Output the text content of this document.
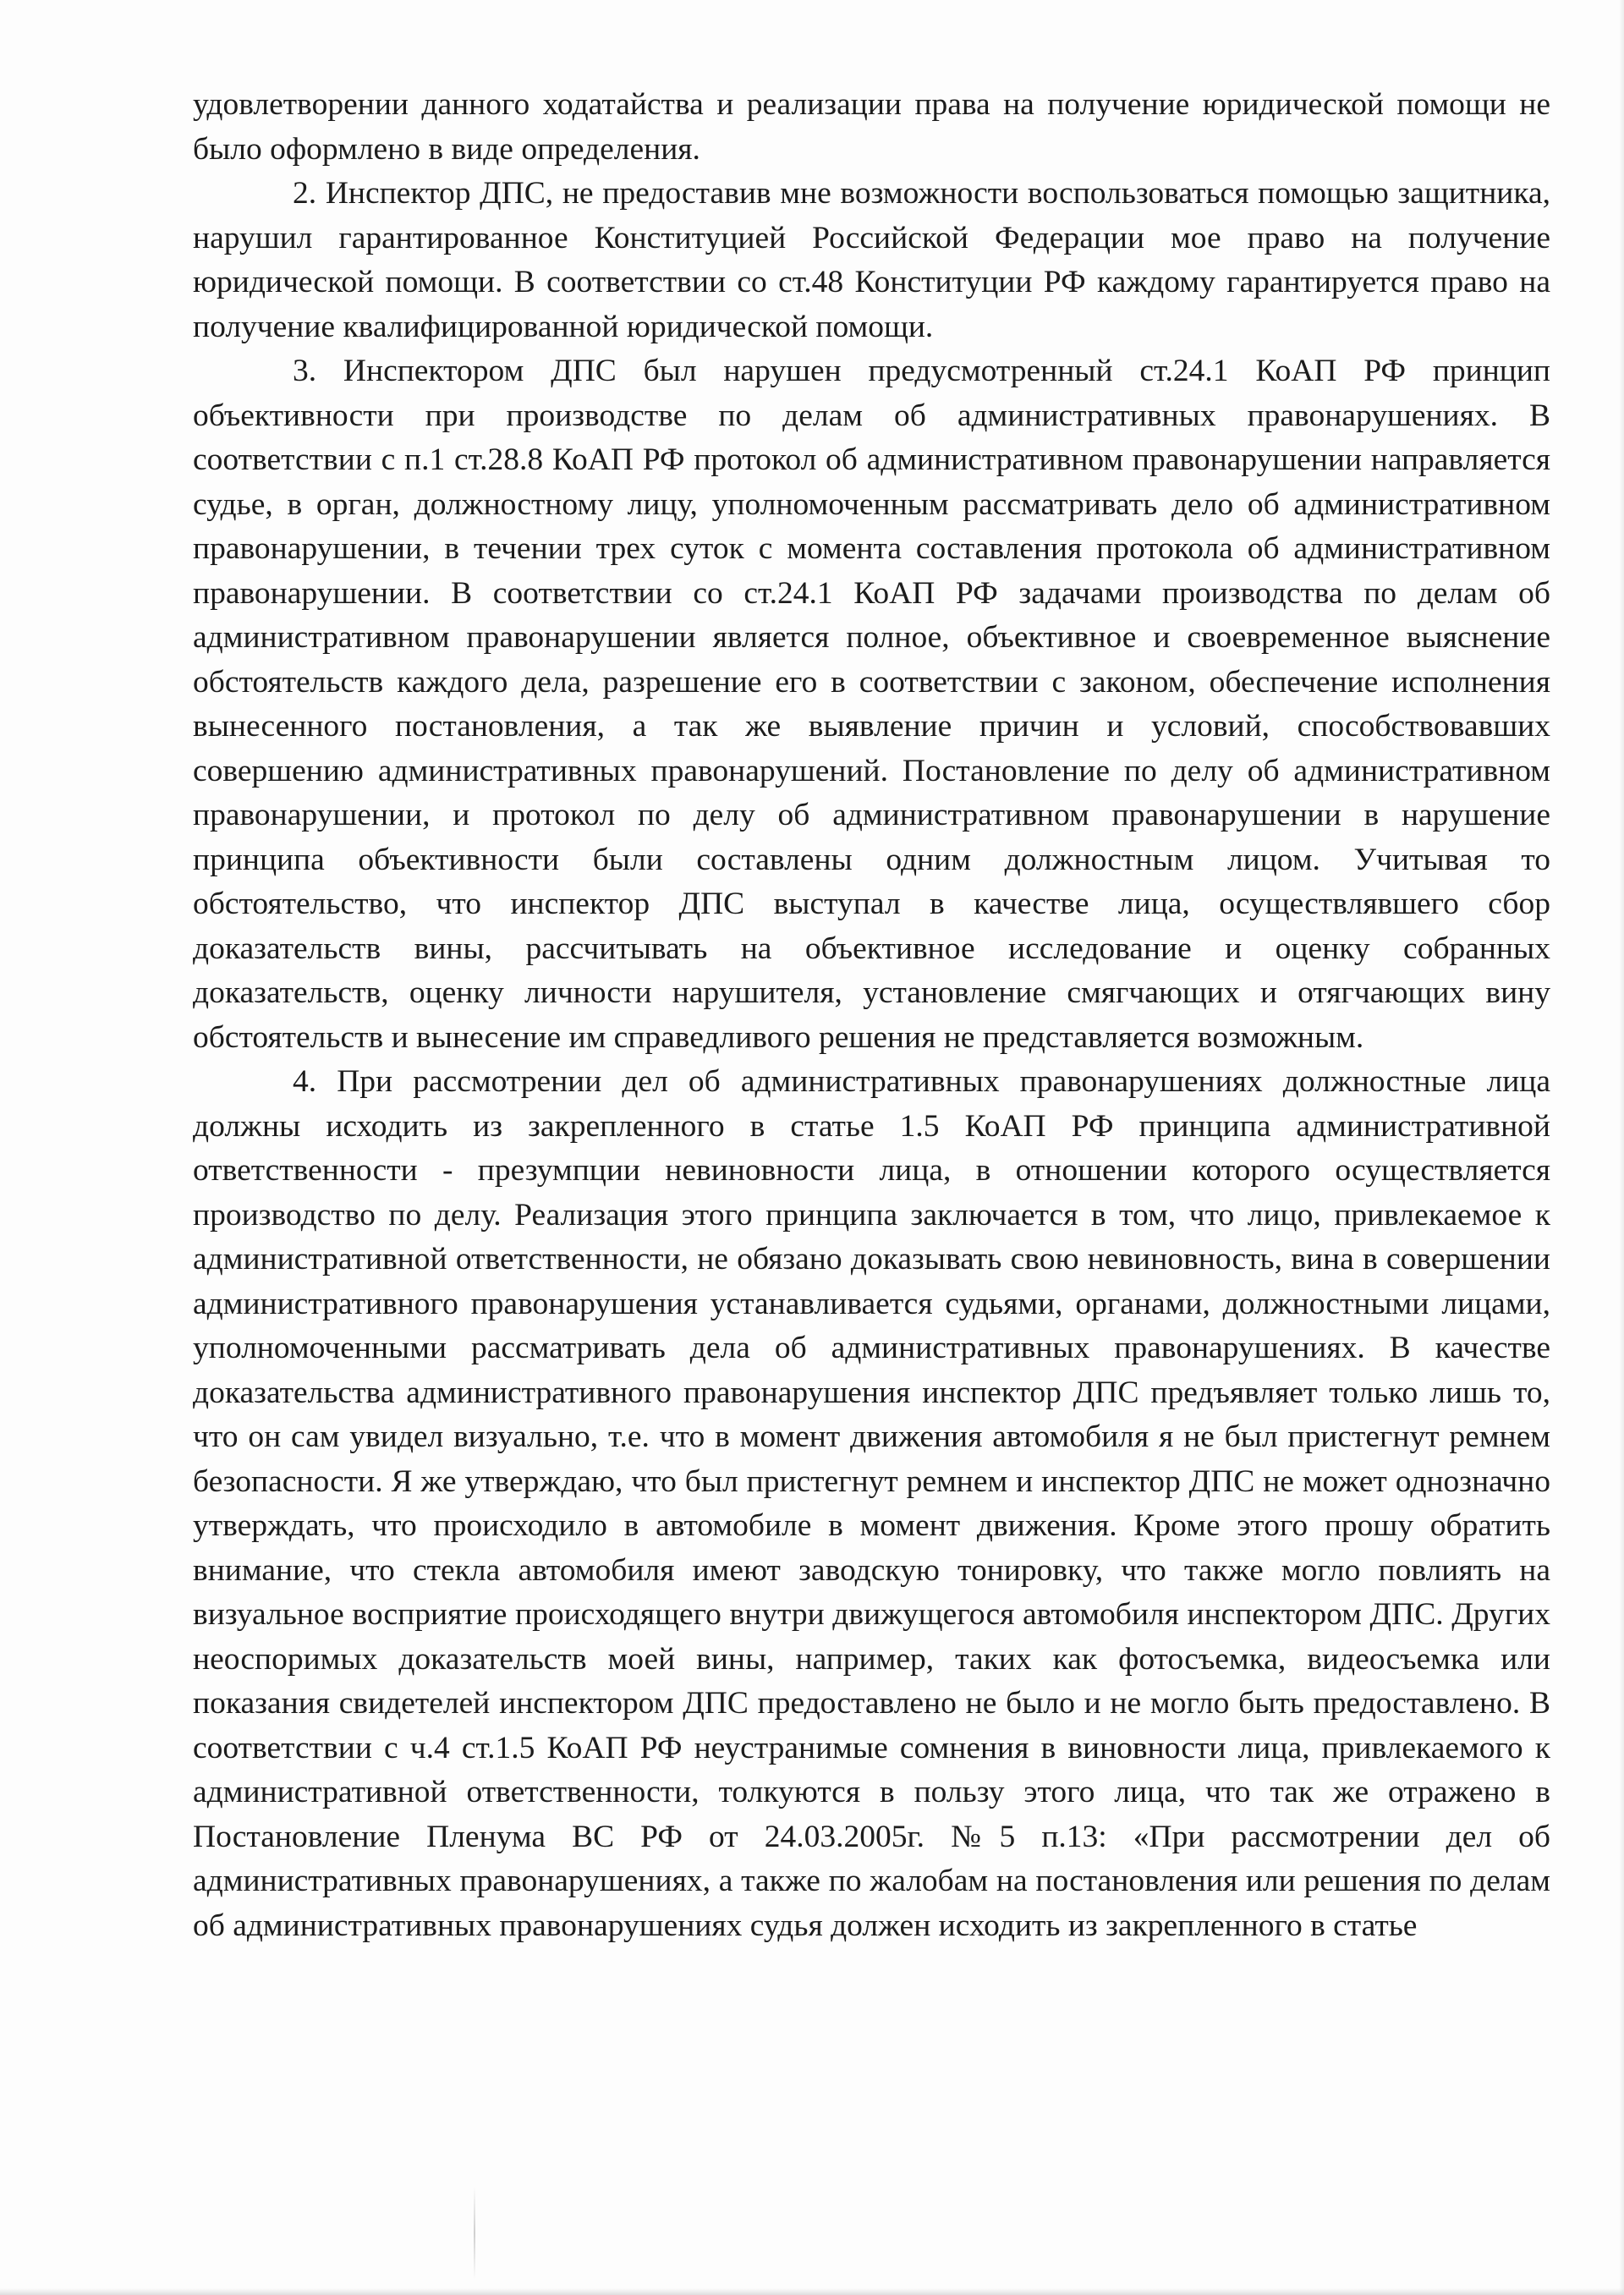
удовлетворении данного ходатайства и реализации права на получение юридической помощи не было оформлено в виде определения.

2. Инспектор ДПС, не предоставив мне возможности воспользоваться помощью защитника, нарушил гарантированное Конституцией Российской Федерации мое право на получение юридической помощи. В соответствии со ст.48 Конституции РФ каждому гарантируется право на получение квалифицированной юридической помощи.

3. Инспектором ДПС был нарушен предусмотренный ст.24.1 КоАП РФ принцип объективности при производстве по делам об административных правонарушениях. В соответствии с п.1 ст.28.8 КоАП РФ протокол об административном правонарушении направляется судье, в орган, должностному лицу, уполномоченным рассматривать дело об административном правонарушении, в течении трех суток с момента составления протокола об административном правонарушении. В соответствии со ст.24.1 КоАП РФ задачами производства по делам об административном правонарушении является полное, объективное и своевременное выяснение обстоятельств каждого дела, разрешение его в соответствии с законом, обеспечение исполнения вынесенного постановления, а так же выявление причин и условий, способствовавших совершению административных правонарушений. Постановление по делу об административном правонарушении, и протокол по делу об административном правонарушении в нарушение принципа объективности были составлены одним должностным лицом. Учитывая то обстоятельство, что инспектор ДПС выступал в качестве лица, осуществлявшего сбор доказательств вины, рассчитывать на объективное исследование и оценку собранных доказательств, оценку личности нарушителя, установление смягчающих и отягчающих вину обстоятельств и вынесение им справедливого решения не представляется возможным.

4. При рассмотрении дел об административных правонарушениях должностные лица должны исходить из закрепленного в статье 1.5 КоАП РФ принципа административной ответственности - презумпции невиновности лица, в отношении которого осуществляется производство по делу. Реализация этого принципа заключается в том, что лицо, привлекаемое к административной ответственности, не обязано доказывать свою невиновность, вина в совершении административного правонарушения устанавливается судьями, органами, должностными лицами, уполномоченными рассматривать дела об административных правонарушениях. В качестве доказательства административного правонарушения инспектор ДПС предъявляет только лишь то, что он сам увидел визуально, т.е. что в момент движения автомобиля я не был пристегнут ремнем безопасности. Я же утверждаю, что был пристегнут ремнем и инспектор ДПС не может однозначно утверждать, что происходило в автомобиле в момент движения. Кроме этого прошу обратить внимание, что стекла автомобиля имеют заводскую тонировку, что также могло повлиять на визуальное восприятие происходящего внутри движущегося автомобиля инспектором ДПС. Других неоспоримых доказательств моей вины, например, таких как фотосъемка, видеосъемка или показания свидетелей инспектором ДПС предоставлено не было и не могло быть предоставлено. В соответствии с ч.4 ст.1.5 КоАП РФ неустранимые сомнения в виновности лица, привлекаемого к административной ответственности, толкуются в пользу этого лица, что так же отражено в Постановление Пленума ВС РФ от 24.03.2005г. №5 п.13: «При рассмотрении дел об административных правонарушениях, а также по жалобам на постановления или решения по делам об административных правонарушениях судья должен исходить из закрепленного в статье
